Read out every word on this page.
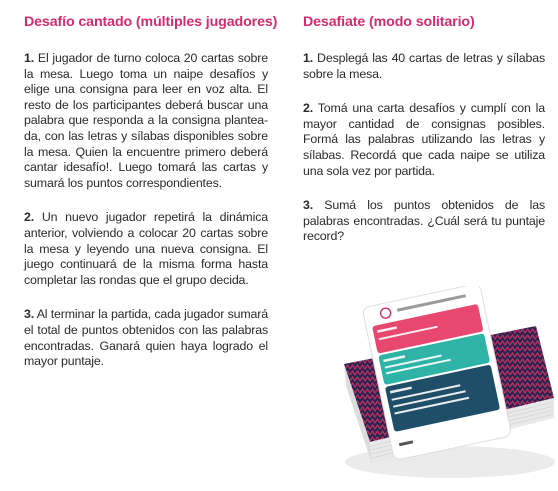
Desafío cantado (múltiples jugadores)

1. El jugador de turno coloca 20 cartas sobre la mesa. Luego toma un naipe desafíos y elige una consigna para leer en voz alta. El resto de los participantes deberá buscar una palabra que responda a la consigna plantea-da, con las letras y sílabas disponibles sobre la mesa. Quien la encuentre primero deberá cantar idesafío!. Luego tomará las cartas y sumará los puntos correspondientes.

2. Un nuevo jugador repetirá la dinámica anterior, volviendo a colocar 20 cartas sobre la mesa y leyendo una nueva consigna. El juego continuará de la misma forma hasta completar las rondas que el grupo decida.

3. Al terminar la partida, cada jugador sumará el total de puntos obtenidos con las palabras encontradas. Ganará quien haya logrado el mayor puntaje.

Desafiate (modo solitario)

1. Desplegá las 40 cartas de letras y sílabas sobre la mesa.

2. Tomá una carta desafíos y cumplí con la mayor cantidad de consignas posibles. Formá las palabras utilizando las letras y sílabas. Recordá que cada naipe se utiliza una sola vez por partida.

3. Sumá los puntos obtenidos de las palabras encontradas. ¿Cuál será tu puntaje record?
